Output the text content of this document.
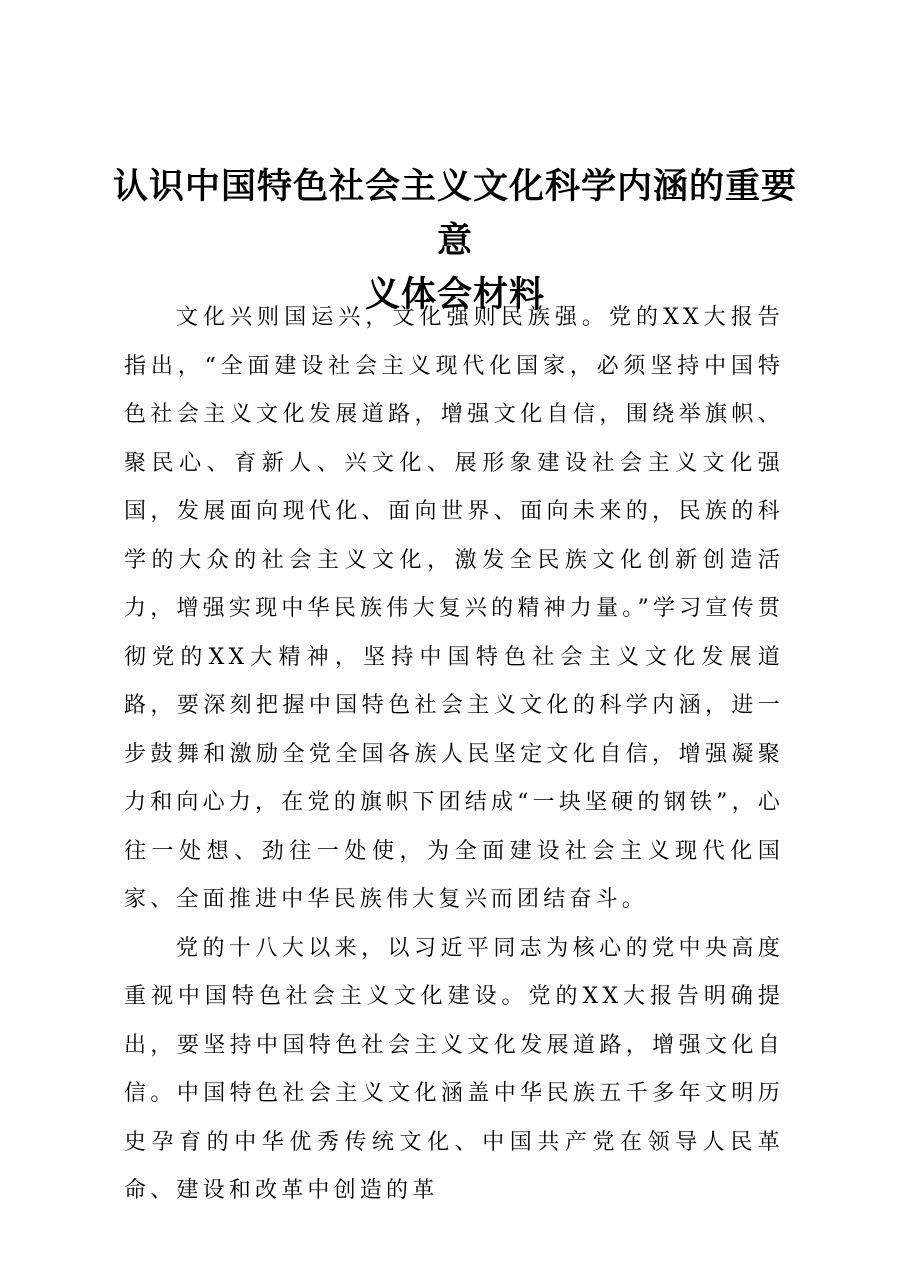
认识中国特色社会主义文化科学内涵的重要意
义体会材料

文化兴则国运兴，文化强则民族强。党的XX大报告指出，“全面建设社会主义现代化国家，必须坚持中国特色社会主义文化发展道路，增强文化自信，围绕举旗帜、聚民心、育新人、兴文化、展形象建设社会主义文化强国，发展面向现代化、面向世界、面向未来的，民族的科学的大众的社会主义文化，激发全民族文化创新创造活力，增强实现中华民族伟大复兴的精神力量。”学习宣传贯彻党的XX大精神，坚持中国特色社会主义文化发展道路，要深刻把握中国特色社会主义文化的科学内涵，进一步鼓舞和激励全党全国各族人民坚定文化自信，增强凝聚力和向心力，在党的旗帜下团结成“一块坚硬的钢铁”，心往一处想、劲往一处使，为全面建设社会主义现代化国家、全面推进中华民族伟大复兴而团结奋斗。

党的十八大以来，以习近平同志为核心的党中央高度重视中国特色社会主义文化建设。党的XX大报告明确提出，要坚持中国特色社会主义文化发展道路，增强文化自信。中国特色社会主义文化涵盖中华民族五千多年文明历史孕育的中华优秀传统文化、中国共产党在领导人民革命、建设和改革中创造的革
